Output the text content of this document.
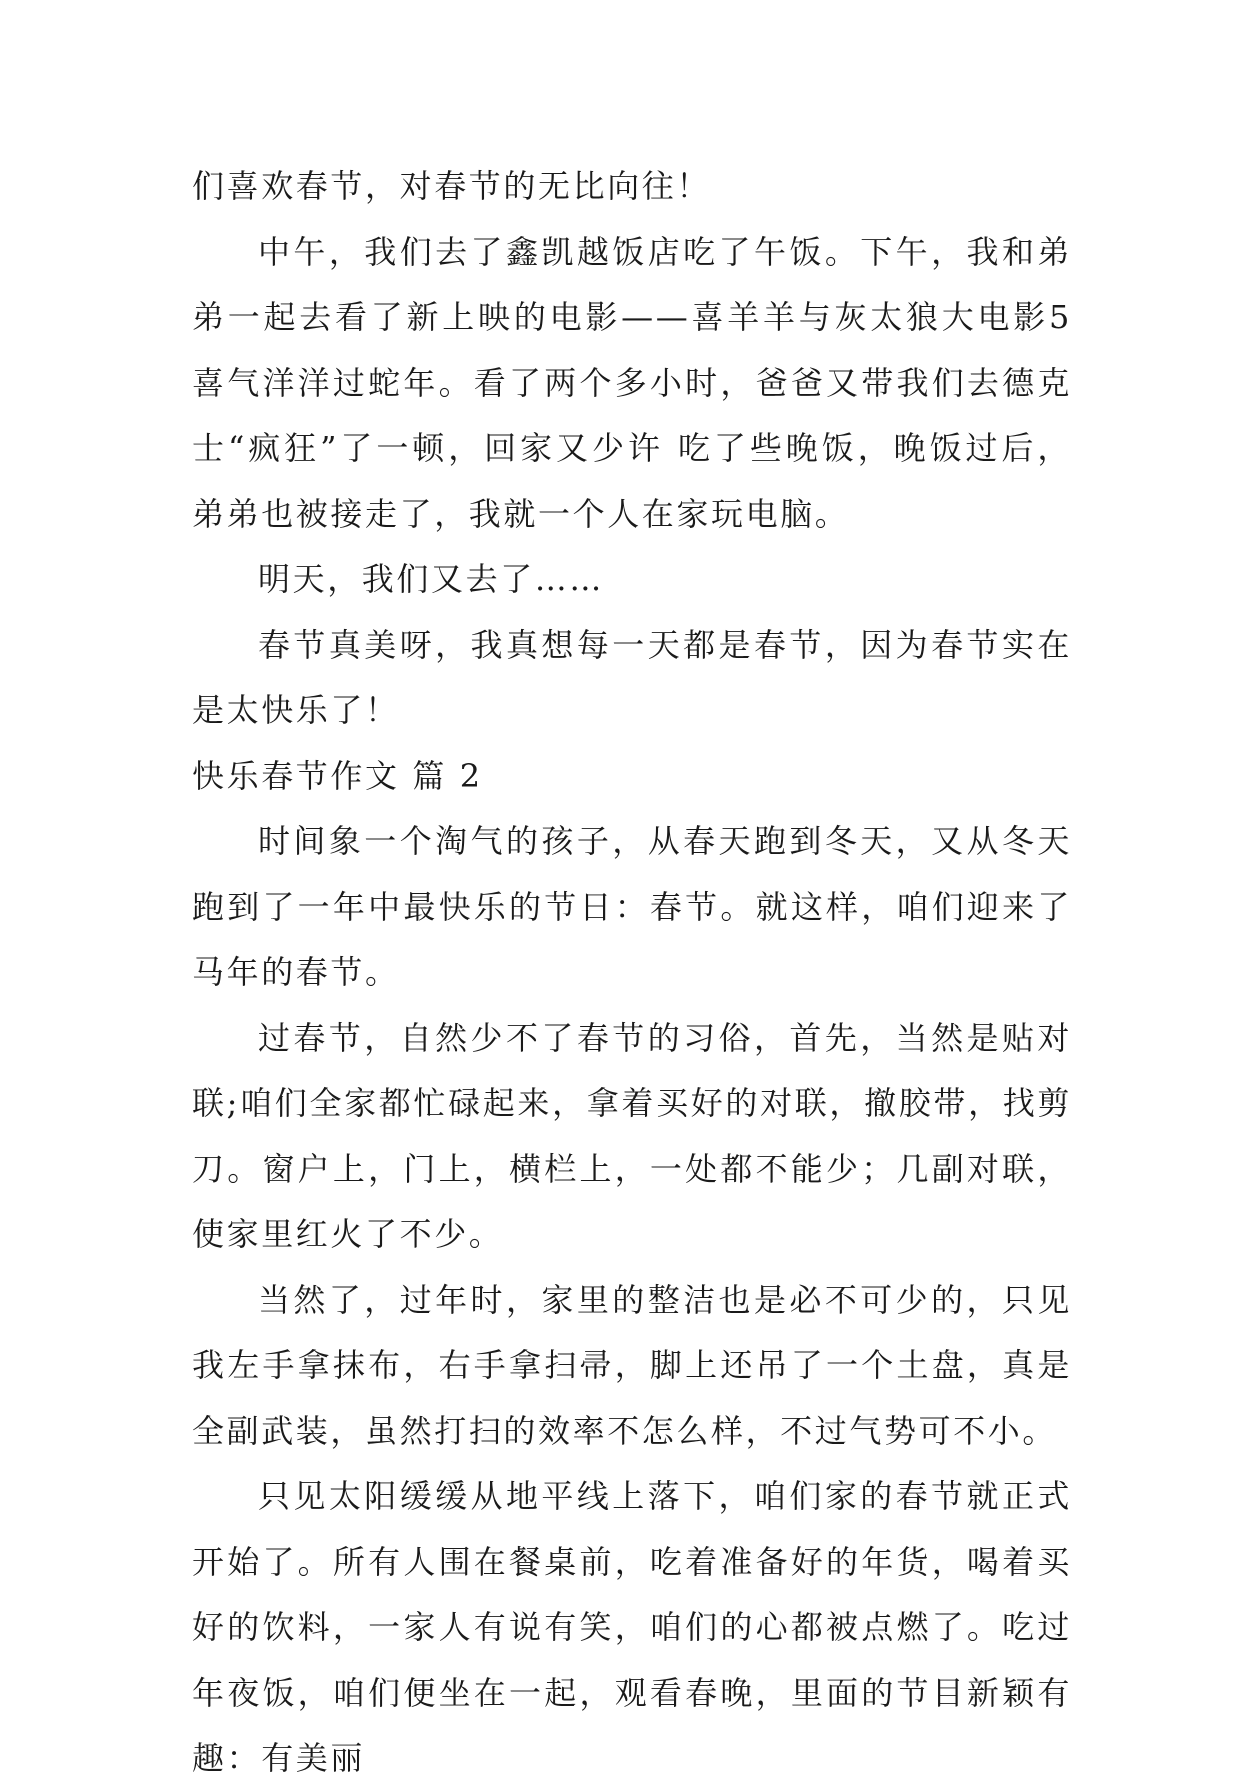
们喜欢春节，对春节的无比向往！

中午，我们去了鑫凯越饭店吃了午饭。下午，我和弟弟一起去看了新上映的电影——喜羊羊与灰太狼大电影5喜气洋洋过蛇年。看了两个多小时，爸爸又带我们去德克士“疯狂”了一顿，回家又少许 吃了些晚饭，晚饭过后，弟弟也被接走了，我就一个人在家玩电脑。

明天，我们又去了……

春节真美呀，我真想每一天都是春节，因为春节实在是太快乐了！

快乐春节作文 篇 2

时间象一个淘气的孩子，从春天跑到冬天，又从冬天跑到了一年中最快乐的节日：春节。就这样，咱们迎来了马年的春节。

过春节，自然少不了春节的习俗，首先，当然是贴对联;咱们全家都忙碌起来，拿着买好的对联，撤胶带，找剪刀。窗户上，门上，横栏上，一处都不能少；几副对联，使家里红火了不少。

当然了，过年时，家里的整洁也是必不可少的，只见我左手拿抹布，右手拿扫帚，脚上还吊了一个土盘，真是全副武装，虽然打扫的效率不怎么样，不过气势可不小。

只见太阳缓缓从地平线上落下，咱们家的春节就正式开始了。所有人围在餐桌前，吃着准备好的年货，喝着买好的饮料，一家人有说有笑，咱们的心都被点燃了。吃过年夜饭，咱们便坐在一起，观看春晚，里面的节目新颖有趣：有美丽
